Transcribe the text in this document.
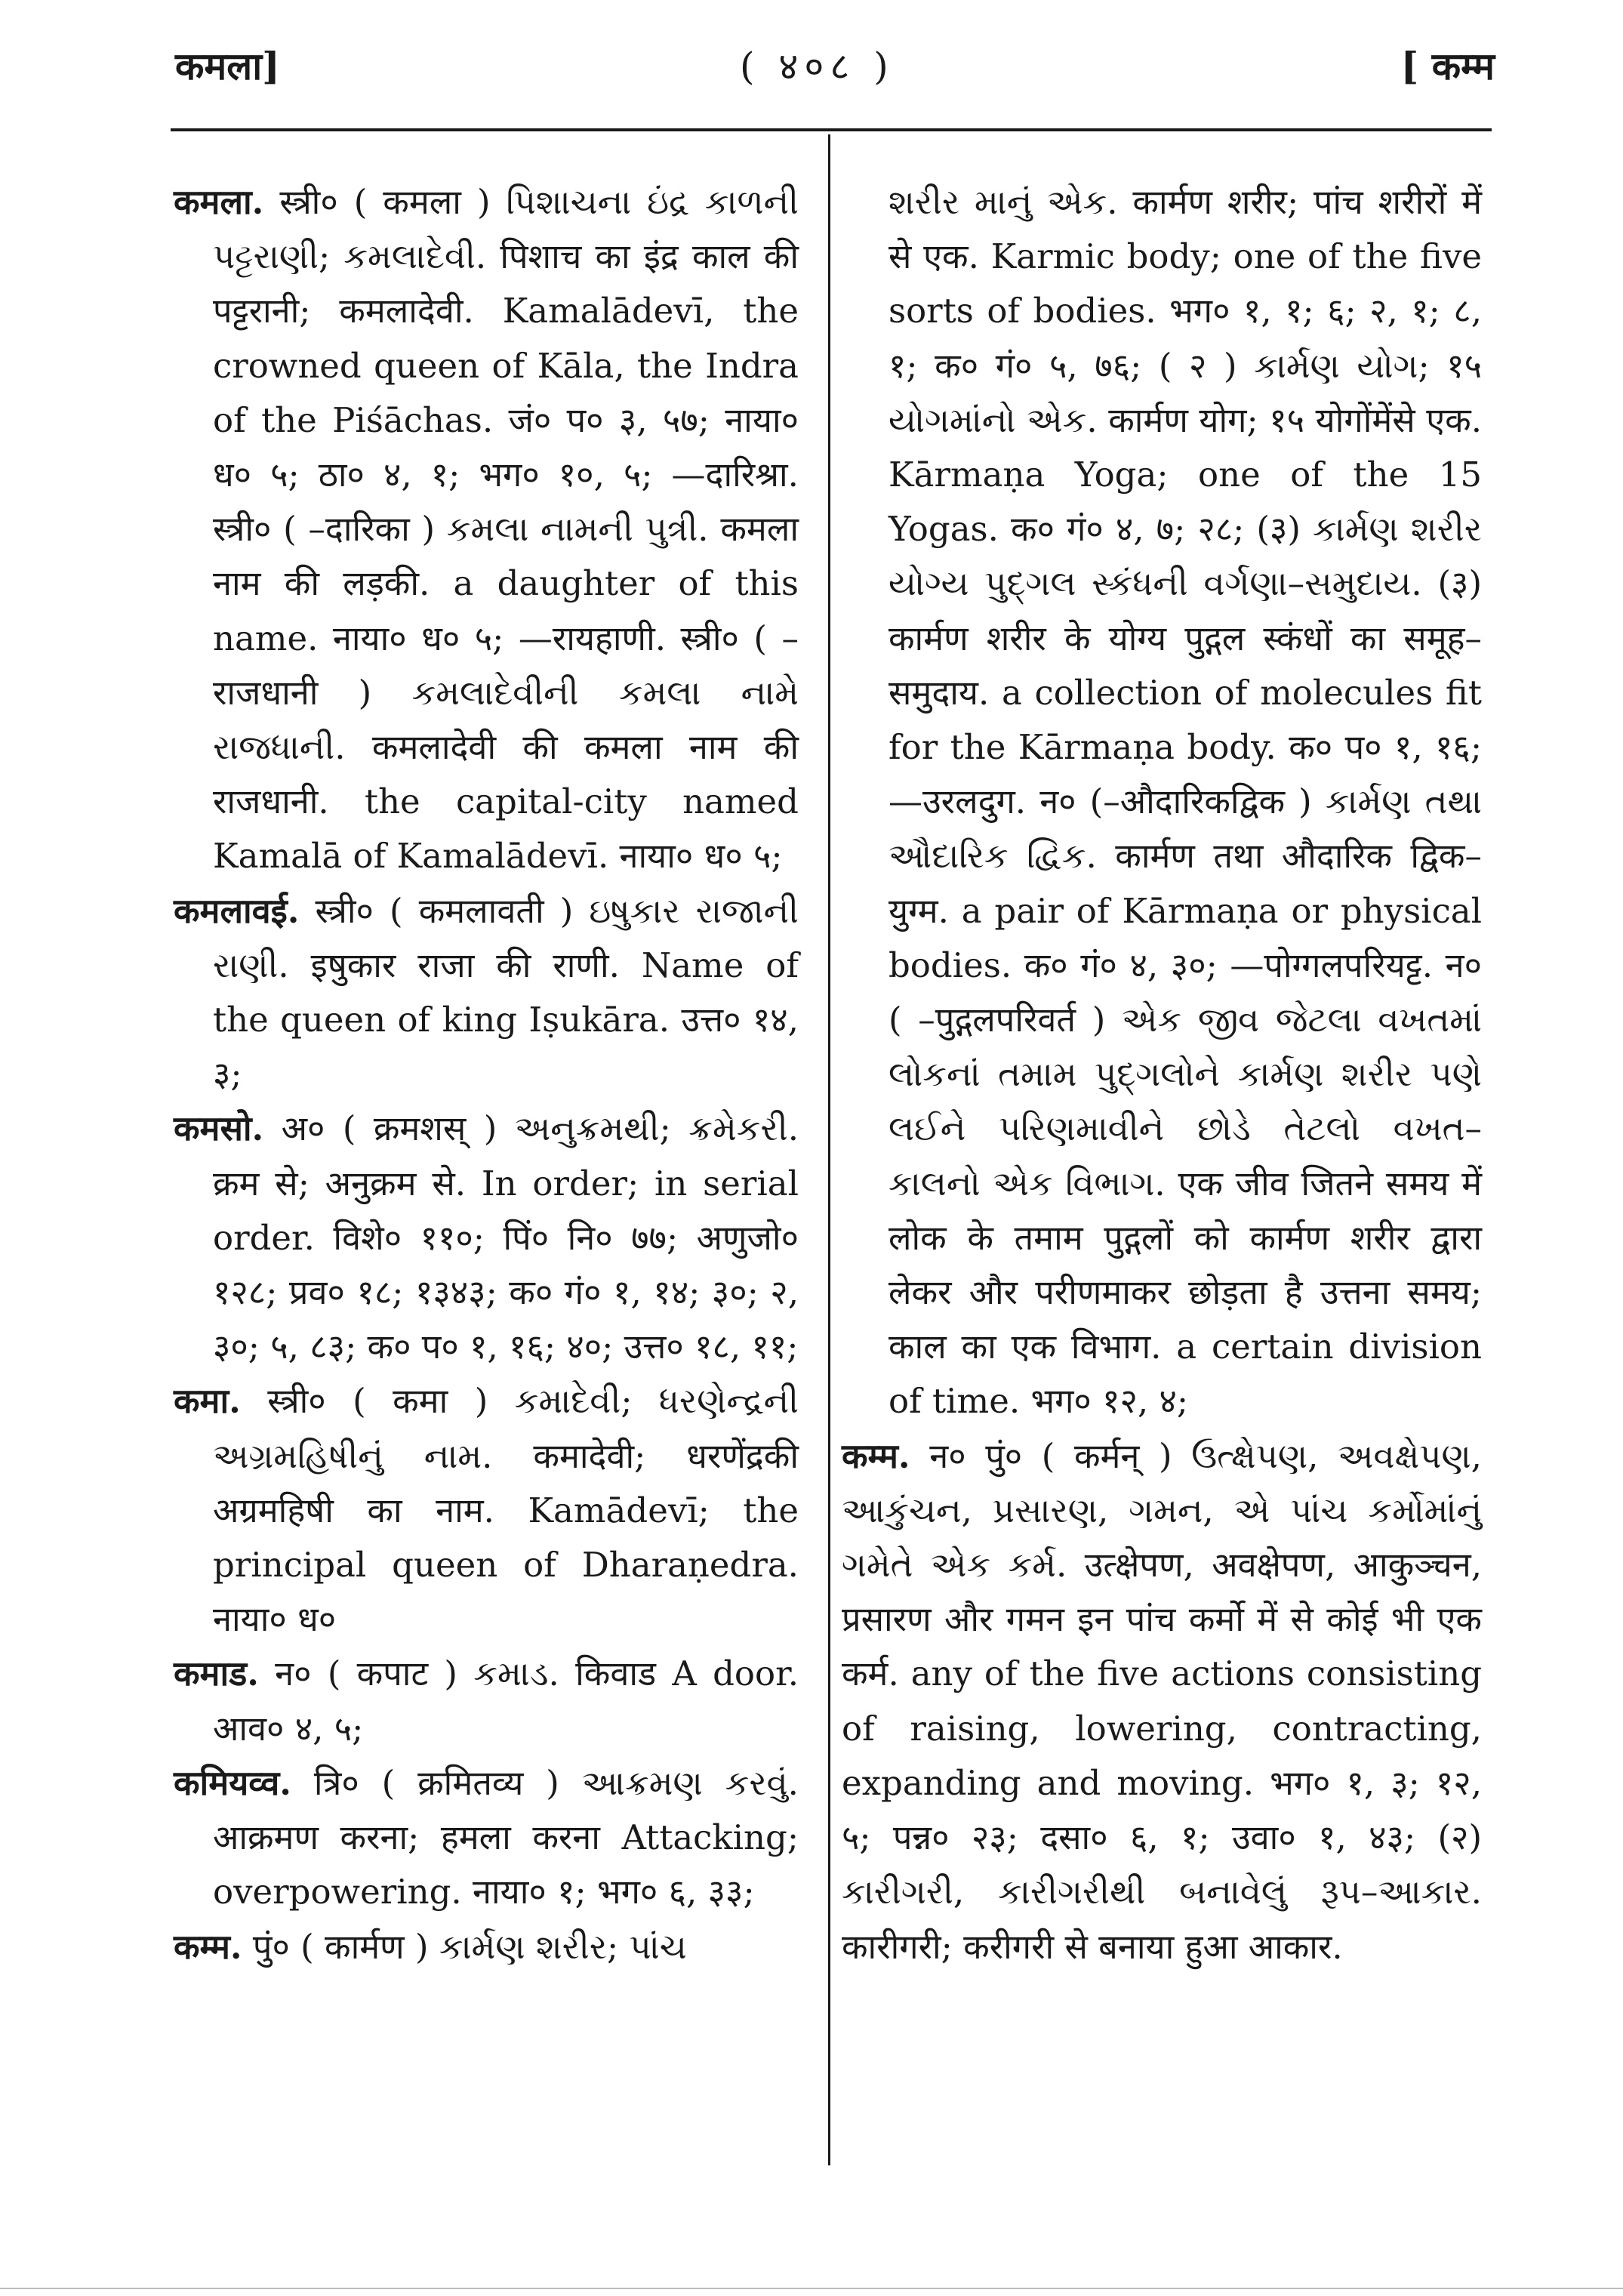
कमला]	( ४०८ )	[ कम्म

कमला. स्त्री० ( कमला ) પિશાચના ઇંદ્ર કાળની પટ્ટરાણી; કમલાદેવી. पिशाच का इंद्र काल की पट्टरानी; कमलादेवी. Kamalādevī, the crowned queen of Kāla, the Indra of the Piśāchas. जं० प० ३, ५७; नाया० ध० ५; ठा० ४, १; भग० १०, ५; —दारिश्रा. स्त्री० ( –दारिका ) કમલા નામની પુત્રી. कमला नाम की लड़की. a daughter of this name. नाया० ध० ५; —रायहाणी. स्त्री० ( –राजधानी ) કમલાદેવીની કમલા નામે રાજધાની. कमलादेवी की कमला नाम की राजधानी. the capital-city named Kamalā of Kamalādevī. नाया० ध० ५;

कमलावई. स्त्री० ( कमलावती ) ઇષુકાર રાજાની રાણી. इषुकार राजा की राणी. Name of the queen of king Iṣukāra. उत्त० १४, ३;

कमसो. अ० ( क्रमशस् ) અનુક્રમથી; ક્રમેકરી. क्रम से; अनुक्रम से. In order; in serial order. विशे० ११०; पिं० नि० ७७; अणुजो० १२८; प्रव० १८; १३४३; क० गं० १, १४; ३०; २, ३०; ५, ८३; क० प० १, १६; ४०; उत्त० १८, ११;

कमा. स्त्री० ( कमा ) કમાદેવી; ધરણેન્દ્રની અગ્રમહિષીનું નામ. कमादेवी; धरणेंद्रकी अग्रमहिषी का नाम. Kamādevī; the principal queen of Dharaṇedra. नाया० ध०

कमाड. न० ( कपाट ) કમાડ. किवाड A door. आव० ४, ५;

कमियव्व. त्रि० ( क्रमितव्य ) આક્રમણ કરવું. आक्रमण करना; हमला करना Attacking; overpowering. नाया० १; भग० ६, ३३;

कम्म. पुं० ( कार्मण ) કાર્મણ શરીર; પાંચ

શરીર માનું એક. कार्मण शरीर; पांच शरीरों में से एक. Karmic body; one of the five sorts of bodies. भग० १, १; ६; २, १; ८, १; क० गं० ५, ७६; ( २ ) કાર્મણ યોગ; १५ યોગમાંનો એક. कार्मण योग; १५ योगोंमेंसे एक. Kārmaṇa Yoga; one of the 15 Yogas. क० गं० ४, ७; २८; (३) કાર્મણ શરીર યોગ્ય પુદ્ગલ સ્કંધની વર્ગણા–સમુદાય. (३) कार्मण शरीर के योग्य पुद्गल स्कंधों का समूह–समुदाय. a collection of molecules fit for the Kārmaṇa body. क० प० १, १६; —उरलदुग. न० (–औदारिकद्विक ) કાર્મણ તથા ઔદારિક દ્વિક. कार्मण तथा औदारिक द्विक–युग्म. a pair of Kārmaṇa or physical bodies. क० गं० ४, ३०; —पोग्गलपरियट्ट. न० ( –पुद्गलपरिवर्त ) એક જીવ જેટલા વખતમાં લોકનાં તમામ પુદ્ગલોને કાર્મણ શરીર પણે લઈને પરિણમાવીને છોડે તેટલો વખત–કાલનો એક વિભાગ. एक जीव जितने समय में लोक के तमाम पुद्गलों को कार्मण शरीर द्वारा लेकर और परीणमाकर छोड़ता है उत्तना समय; काल का एक विभाग. a certain division of time. भग० १२, ४;

कम्म. न० पुं० ( कर्मन् ) ઉત્ક્ષેપણ, અવક્ષેપણ, આકુંચન, પ્રસારણ, ગમન, એ પાંચ કર્મોમાંનું ગમેતે એક કર્મ. उत्क्षेपण, अवक्षेपण, आकुञ्चन, प्रसारण और गमन इन पांच कर्मो में से कोई भी एक कर्म. any of the five actions consisting of raising, lowering, contracting, expanding and moving. भग० १, ३; १२, ५; पन्न० २३; दसा० ६, १; उवा० १, ४३; (२) કારીગરી, કારીગરીથી બનાવેલું રૂપ–આકાર. कारीगरी; करीगरी से बनाया हुआ आकार.
